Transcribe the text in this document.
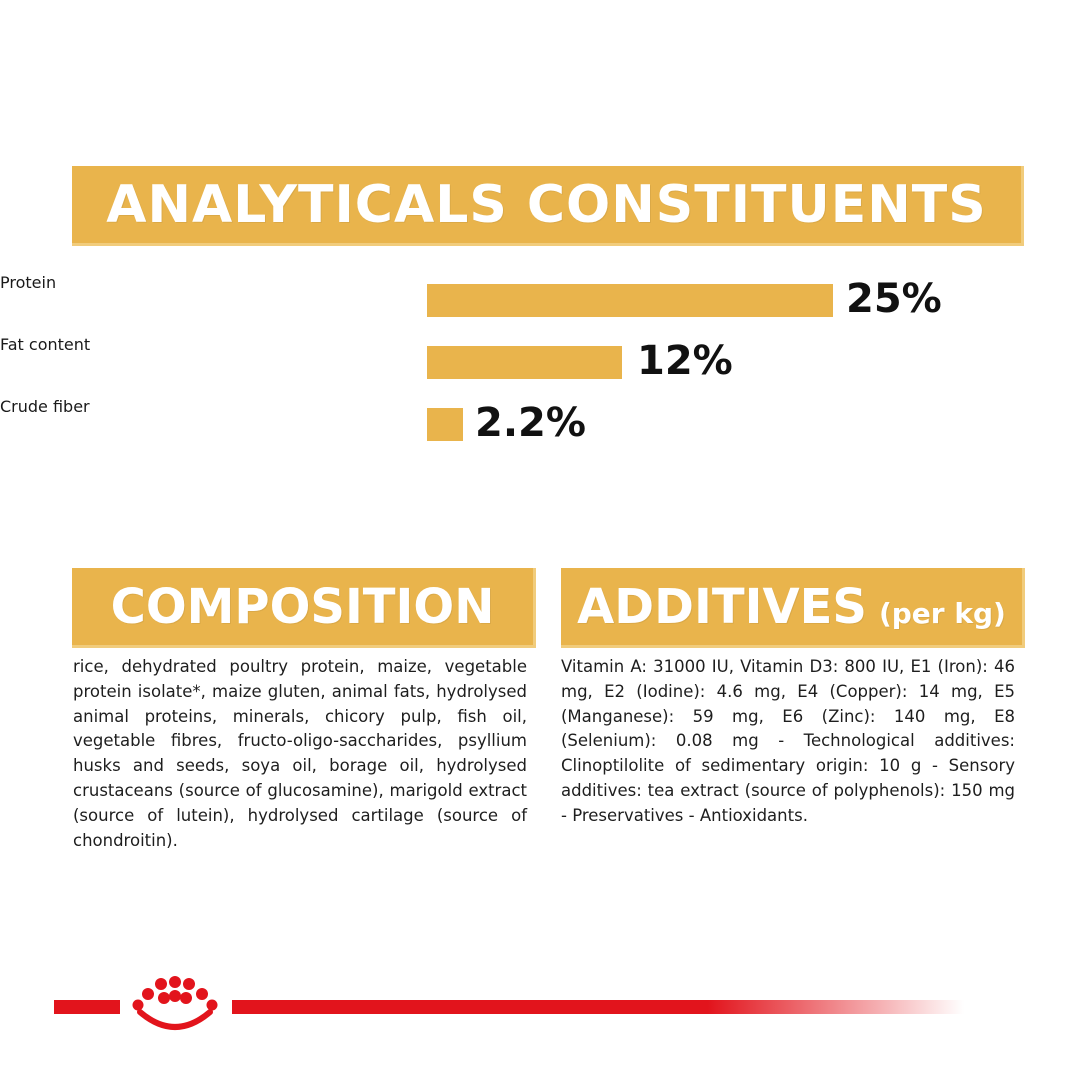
ANALYTICALS CONSTITUENTS
Protein	25%
Fat content	12%
Crude fiber	2.2%
COMPOSITION

rice, dehydrated poultry protein, maize, vegetable protein isolate*, maize gluten, animal fats, hydrolysed animal proteins, minerals, chicory pulp, fish oil, vegetable fibres, fructo-oligo-saccharides, psyllium husks and seeds, soya oil, borage oil, hydrolysed crustaceans (source of glucosamine), marigold extract (source of lutein), hydrolysed cartilage (source of chondroitin).

ADDITIVES (per kg)

Vitamin A: 31000 IU, Vitamin D3: 800 IU, E1 (Iron): 46 mg, E2 (Iodine): 4.6 mg, E4 (Copper): 14 mg, E5 (Manganese): 59 mg, E6 (Zinc): 140 mg, E8 (Selenium): 0.08 mg - Technological additives: Clinoptilolite of sedimentary origin: 10 g - Sensory additives: tea extract (source of polyphenols): 150 mg - Preservatives - Antioxidants.
